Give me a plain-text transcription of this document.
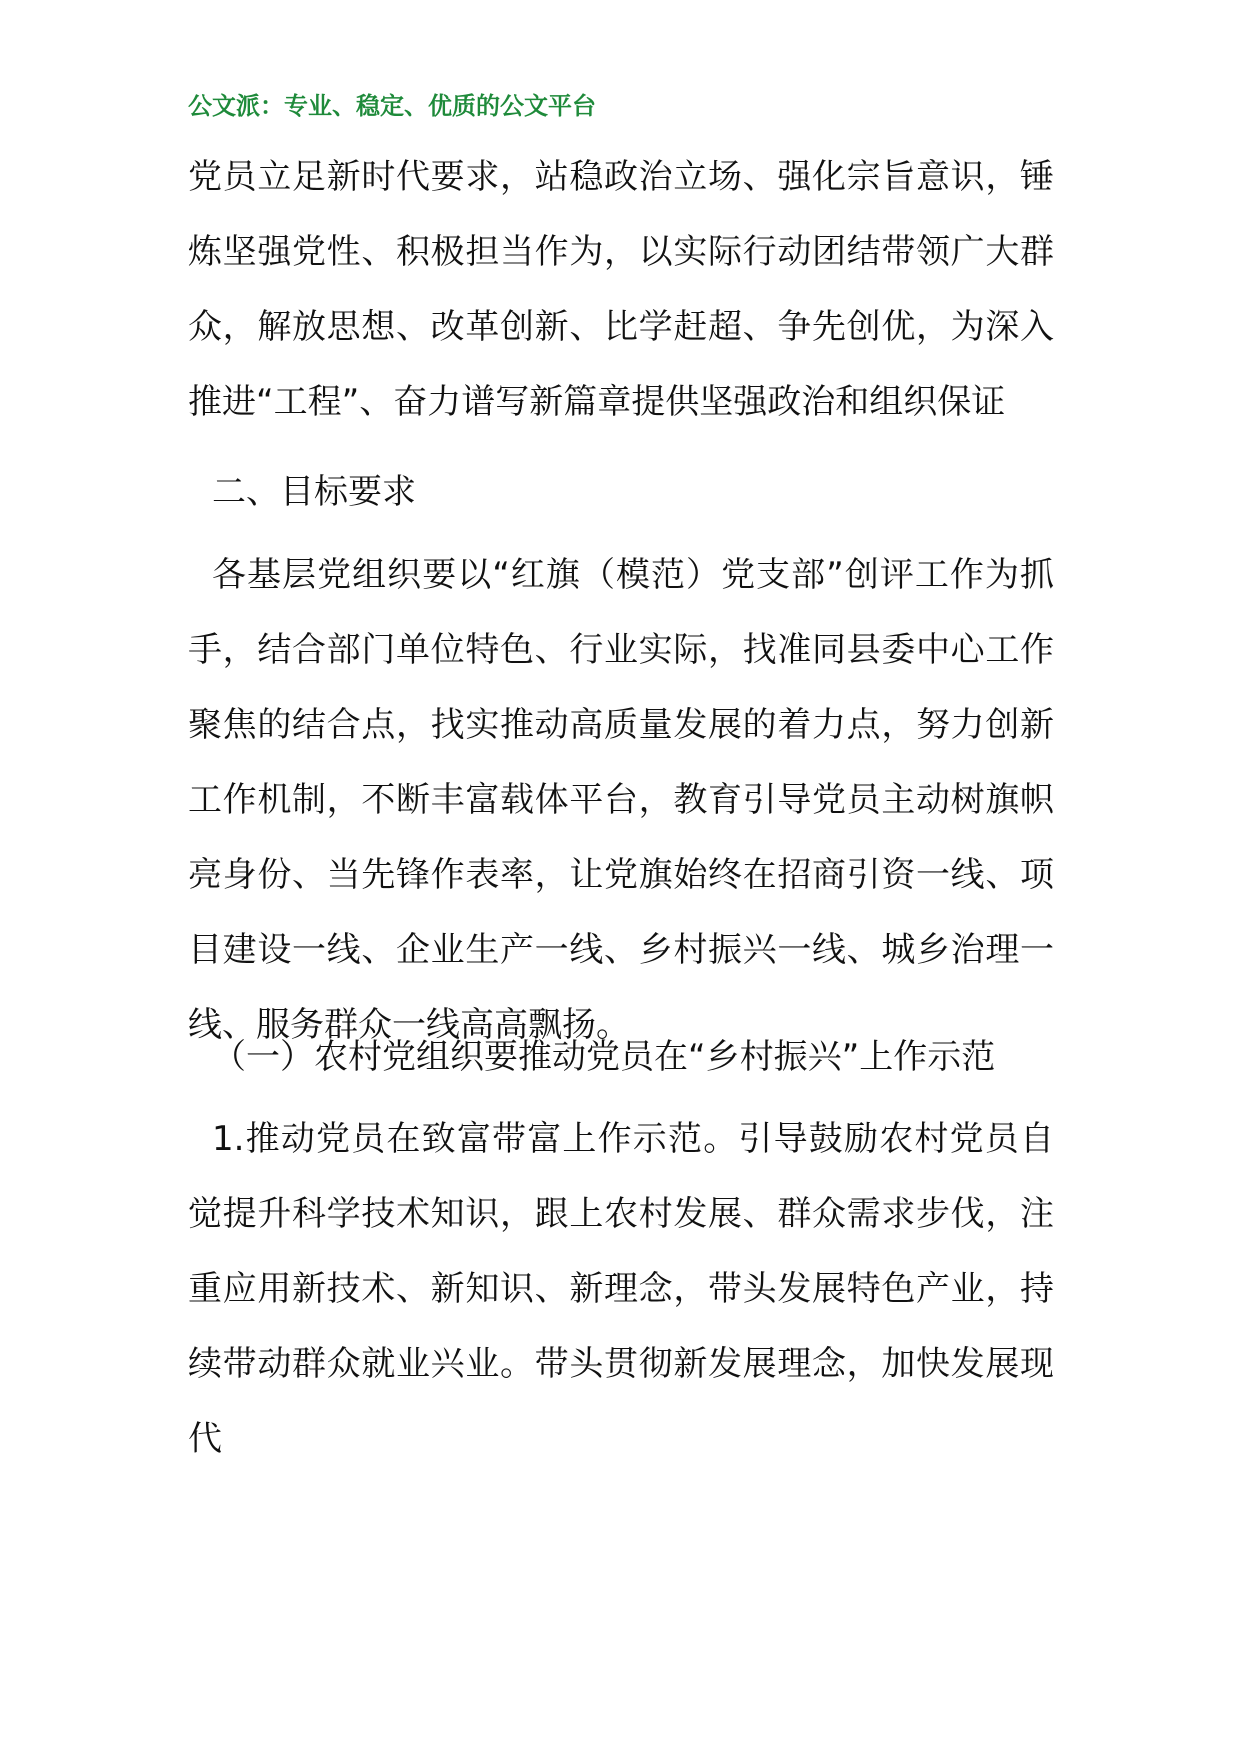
公文派：专业、稳定、优质的公文平台
党员立足新时代要求，站稳政治立场、强化宗旨意识，锤炼坚强党性、积极担当作为，以实际行动团结带领广大群众，解放思想、改革创新、比学赶超、争先创优，为深入推进“工程”、奋力谱写新篇章提供坚强政治和组织保证
二、目标要求
各基层党组织要以“红旗（模范）党支部”创评工作为抓手，结合部门单位特色、行业实际，找准同县委中心工作聚焦的结合点，找实推动高质量发展的着力点，努力创新工作机制，不断丰富载体平台，教育引导党员主动树旗帜亮身份、当先锋作表率，让党旗始终在招商引资一线、项目建设一线、企业生产一线、乡村振兴一线、城乡治理一线、服务群众一线高高飘扬。
（一）农村党组织要推动党员在“乡村振兴”上作示范
1.推动党员在致富带富上作示范。引导鼓励农村党员自觉提升科学技术知识，跟上农村发展、群众需求步伐，注重应用新技术、新知识、新理念，带头发展特色产业，持续带动群众就业兴业。带头贯彻新发展理念，加快发展现代
